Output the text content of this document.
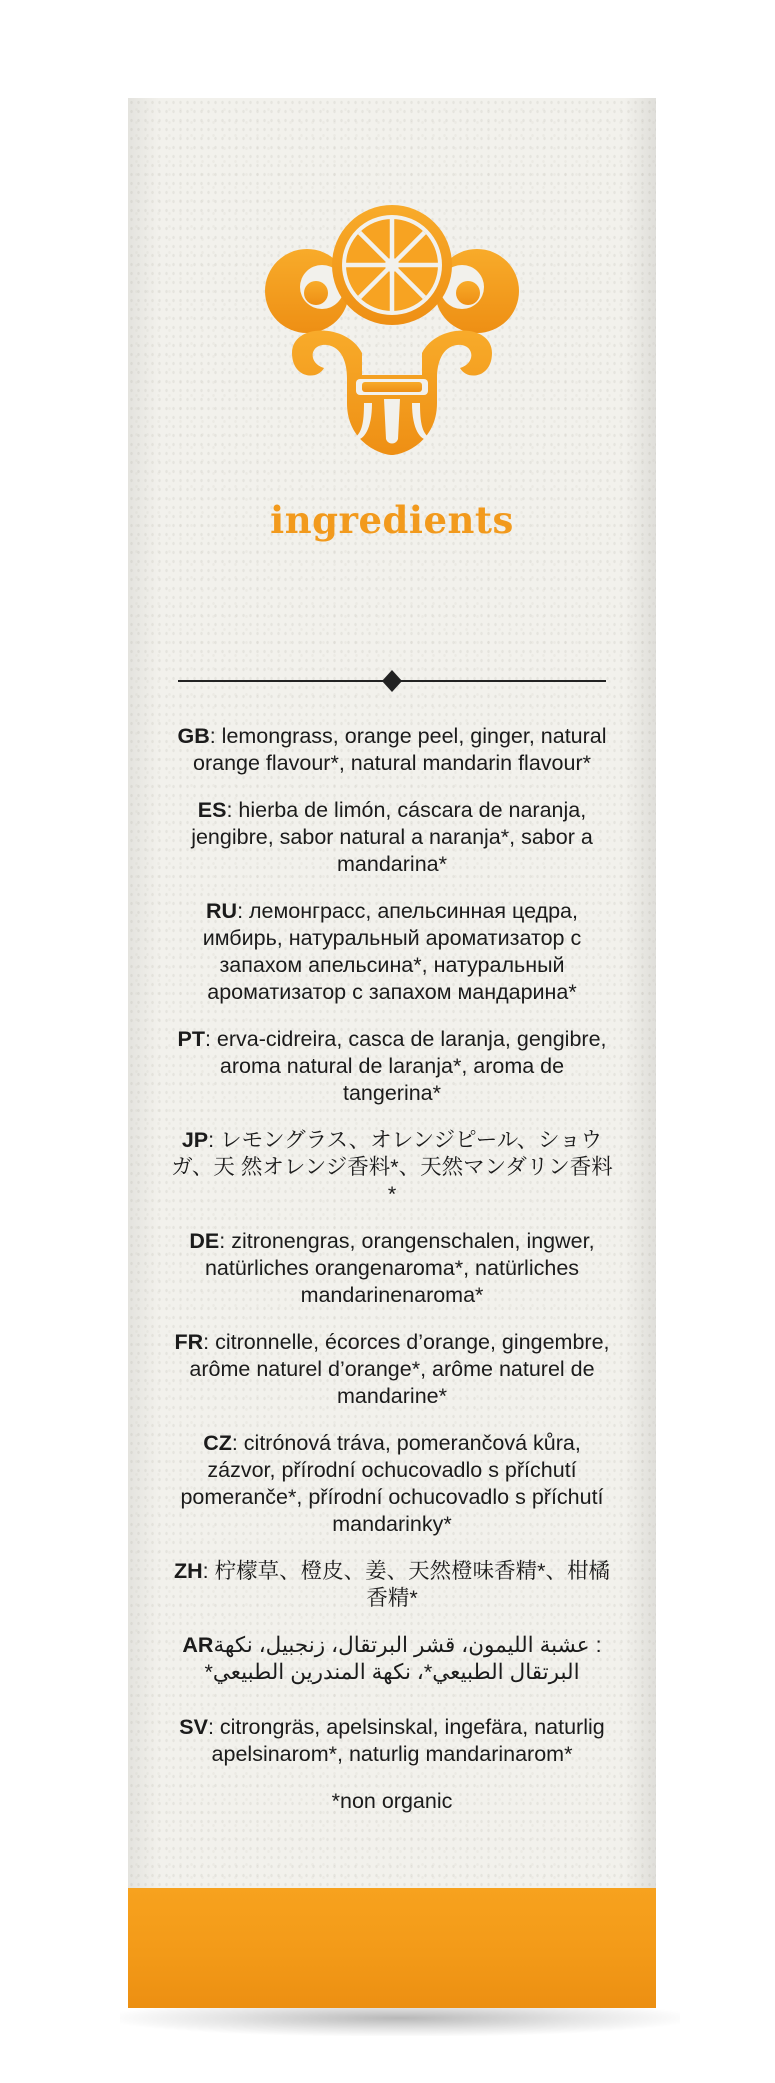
ingredients
GB: lemongrass, orange peel, ginger, natural orange flavour*, natural mandarin flavour*
ES: hierba de limón, cáscara de naranja, jengibre, sabor natural a naranja*, sabor a mandarina*
RU: лемонграсс, апельсинная цедра, имбирь, натуральный ароматизатор с запахом апельсина*, натуральный ароматизатор с запахом мандарина*
PT: erva-cidreira, casca de laranja, gengibre, aroma natural de laranja*, aroma de tangerina*
JP: レモングラス、オレンジピール、ショウガ、天 然オレンジ香料*、天然マンダリン香料*
DE: zitronengras, orangenschalen, ingwer, natürliches orangenaroma*, natürliches mandarinenaroma*
FR: citronnelle, écorces d’orange, gingembre, arôme naturel d’orange*, arôme naturel de mandarine*
CZ: citrónová tráva, pomerančová kůra, zázvor, přírodní ochucovadlo s příchutí pomeranče*, přírodní ochucovadlo s příchutí mandarinky*
ZH: 柠檬草、橙皮、姜、天然橙味香精*、柑橘香精*
AR: عشبة الليمون، قشر البرتقال، زنجبيل، نكهة البرتقال الطبيعي*، نكهة المندرين الطبيعي*
SV: citrongräs, apelsinskal, ingefära, naturlig apelsinarom*, naturlig mandarinarom*
*non organic
